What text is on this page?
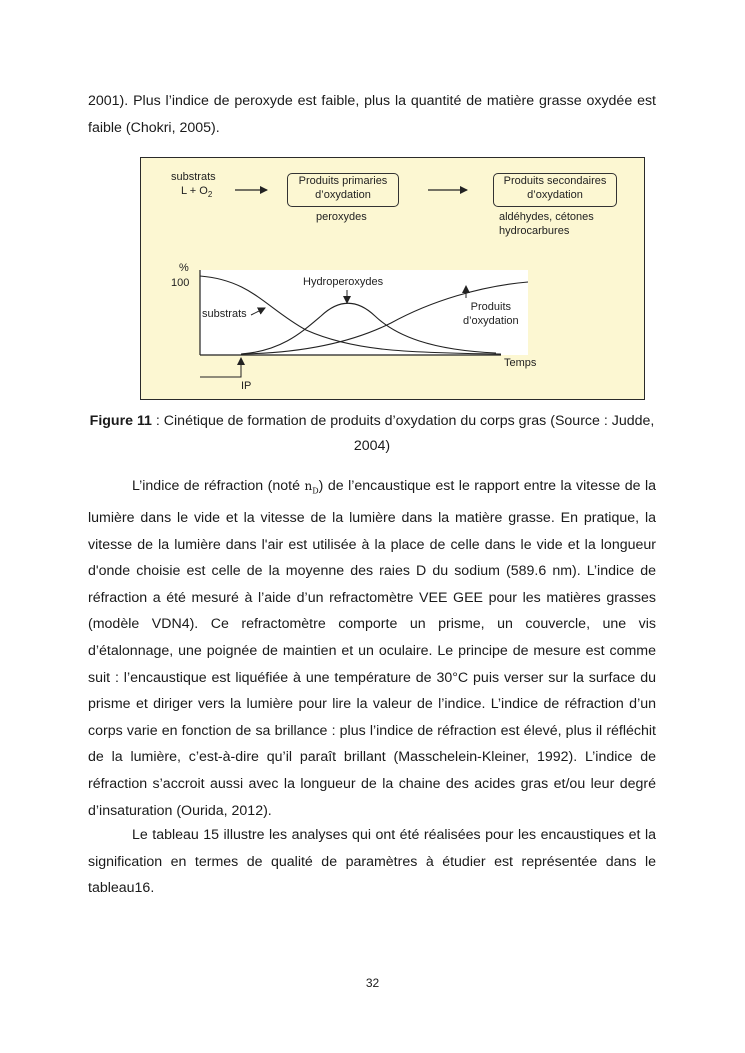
2001). Plus l’indice de peroxyde est faible, plus la quantité de matière grasse oxydée est faible (Chokri, 2005).

substrats
$L + O_2$
Produits primaries
d’oxydation
peroxydes
Produits secondaires
d’oxydation
aldéhydes, cétones
hydrocarbures
%
100
substrats
Hydroperoxydes
Produits
d’oxydation
Temps
IP

Figure 11 : Cinétique de formation de produits d’oxydation du corps gras (Source : Judde, 2004)

L’indice de réfraction (noté $n_D$) de l’encaustique est le rapport entre la vitesse de la lumière dans le vide et la vitesse de la lumière dans la matière grasse. En pratique, la vitesse de la lumière dans l'air est utilisée à la place de celle dans le vide et la longueur d'onde choisie est celle de la moyenne des raies D du sodium (589.6 nm). L’indice de réfraction a été mesuré à l’aide d’un refractomètre VEE GEE pour les matières grasses (modèle VDN4). Ce refractomètre comporte un prisme, un couvercle, une vis d’étalonnage, une poignée de maintien et un oculaire. Le principe de mesure est comme suit : l’encaustique est liquéfiée à une température de 30°C puis verser sur la surface du prisme et diriger vers la lumière pour lire la valeur de l’indice. L’indice de réfraction d’un corps varie en fonction de sa brillance : plus l’indice de réfraction est élevé, plus il réfléchit de la lumière, c’est-à-dire qu’il paraît brillant (Masschelein-Kleiner, 1992). L’indice de réfraction s’accroit aussi avec la longueur de la chaine des acides gras et/ou leur degré d’insaturation (Ourida, 2012).

Le tableau 15 illustre les analyses qui ont été réalisées pour les encaustiques et la signification en termes de qualité de paramètres à étudier est représentée dans le tableau16.

32
